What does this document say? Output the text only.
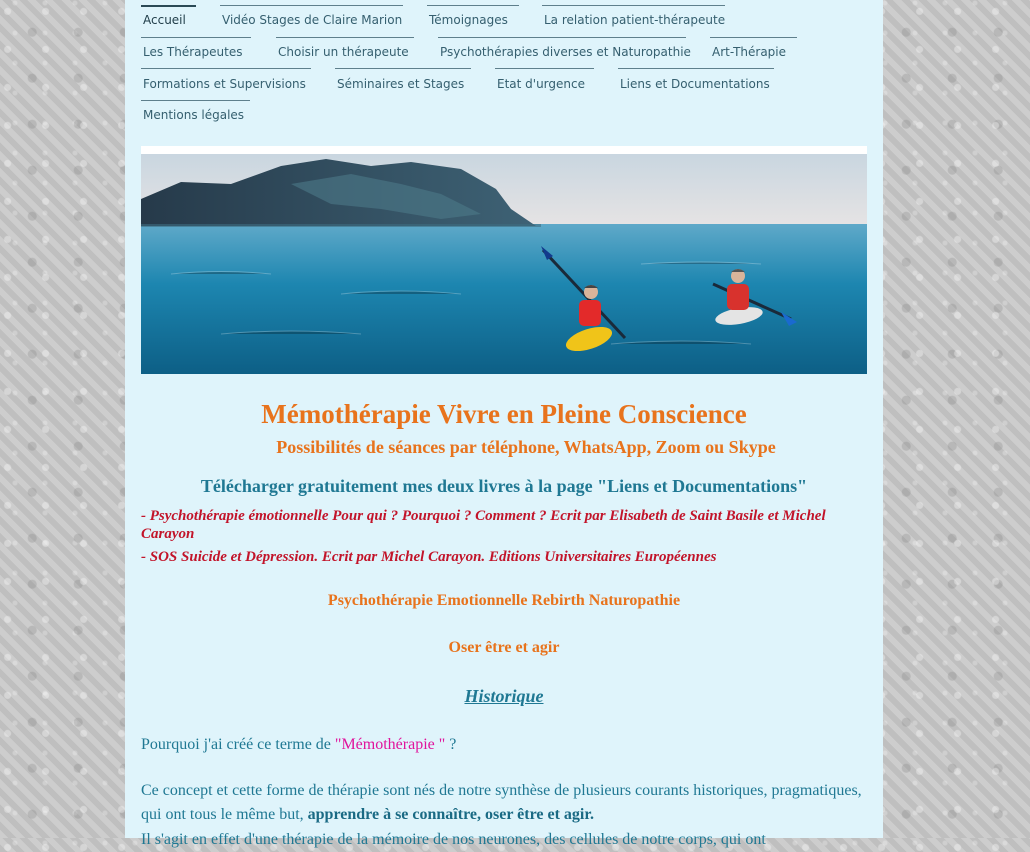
Accueil	Vidéo Stages de Claire Marion Témoignages	La relation patient-thérapeute
Les Thérapeutes	Choisir un thérapeute	Psychothérapies diverses et Naturopathie Art-Thérapie
Formations et Supervisions	Séminaires et Stages	Etat d'urgence	Liens et Documentations
Mentions légales
Mémothérapie Vivre en Pleine Conscience

Possibilités de séances par téléphone, WhatsApp, Zoom ou Skype

Télécharger gratuitement mes deux livres à la page "Liens et Documentations"

- Psychothérapie émotionnelle Pour qui ? Pourquoi ? Comment ? Ecrit par Elisabeth de Saint Basile et Michel Carayon

- SOS Suicide et Dépression. Ecrit par Michel Carayon. Editions Universitaires Européennes

Psychothérapie Emotionnelle Rebirth Naturopathie

Oser être et agir

Historique

Pourquoi j'ai créé ce terme de "Mémothérapie " ?

Ce concept et cette forme de thérapie sont nés de notre synthèse de plusieurs courants historiques, pragmatiques, qui ont tous le même but, apprendre à se connaître, oser être et agir.

Il s'agit en effet d'une thérapie de la mémoire de nos neurones, des cellules de notre corps, qui ont
